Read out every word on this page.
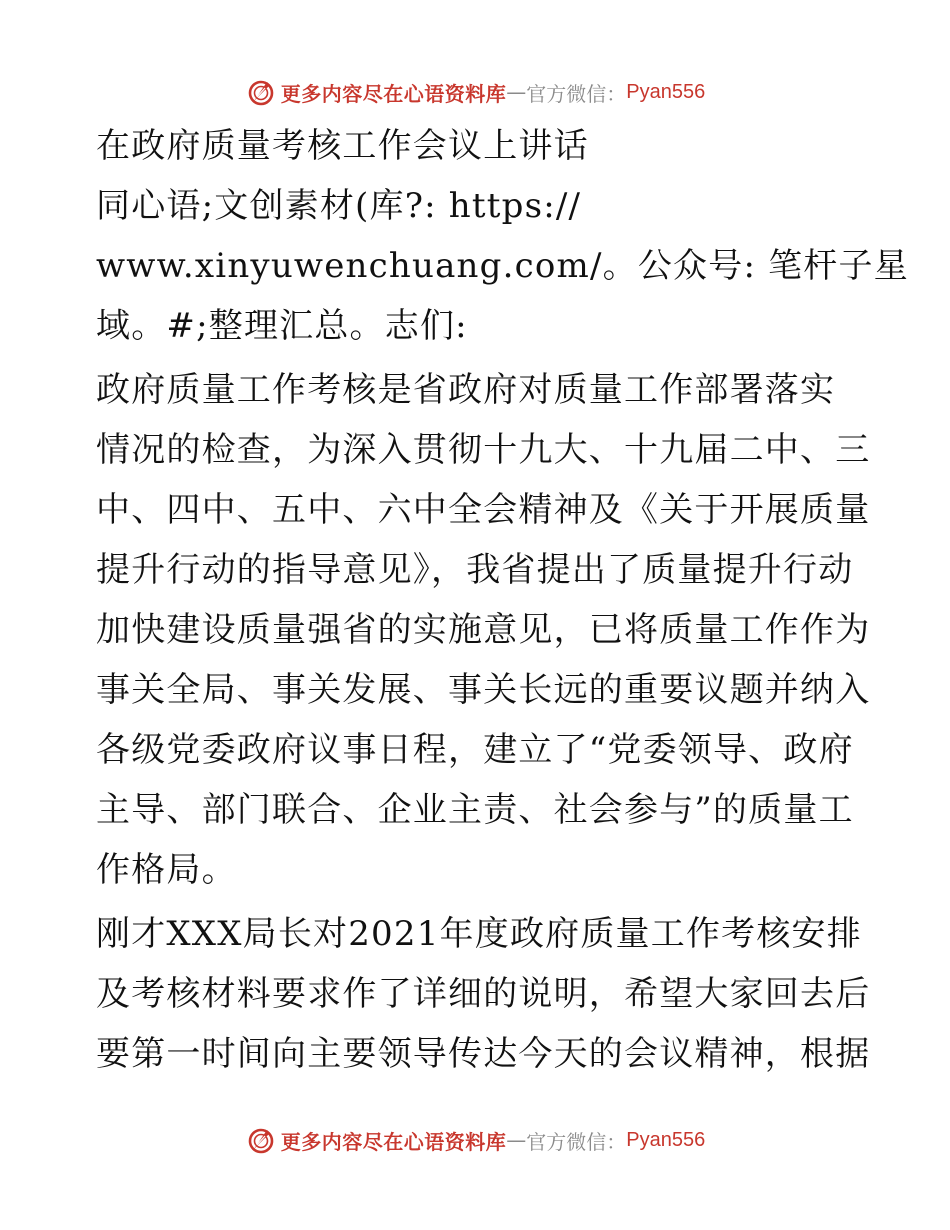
更多内容尽在心语资料库 — 官方微信： Pyan556
在政府质量考核工作会议上讲话
同心语;文创素材(库?: https://
www.xinyuwenchuang.com/。公众号: 笔杆子星
域。#;整理汇总。志们:
政府质量工作考核是省政府对质量工作部署落实
情况的检查，为深入贯彻十九大、十九届二中、三
中、四中、五中、六中全会精神及《关于开展质量
提升行动的指导意见》，我省提出了质量提升行动
加快建设质量强省的实施意见，已将质量工作作为
事关全局、事关发展、事关长远的重要议题并纳入
各级党委政府议事日程，建立了“党委领导、政府
主导、部门联合、企业主责、社会参与”的质量工
作格局。
刚才XXX局长对2021年度政府质量工作考核安排
及考核材料要求作了详细的说明，希望大家回去后
要第一时间向主要领导传达今天的会议精神，根据
更多内容尽在心语资料库 — 官方微信： Pyan556
